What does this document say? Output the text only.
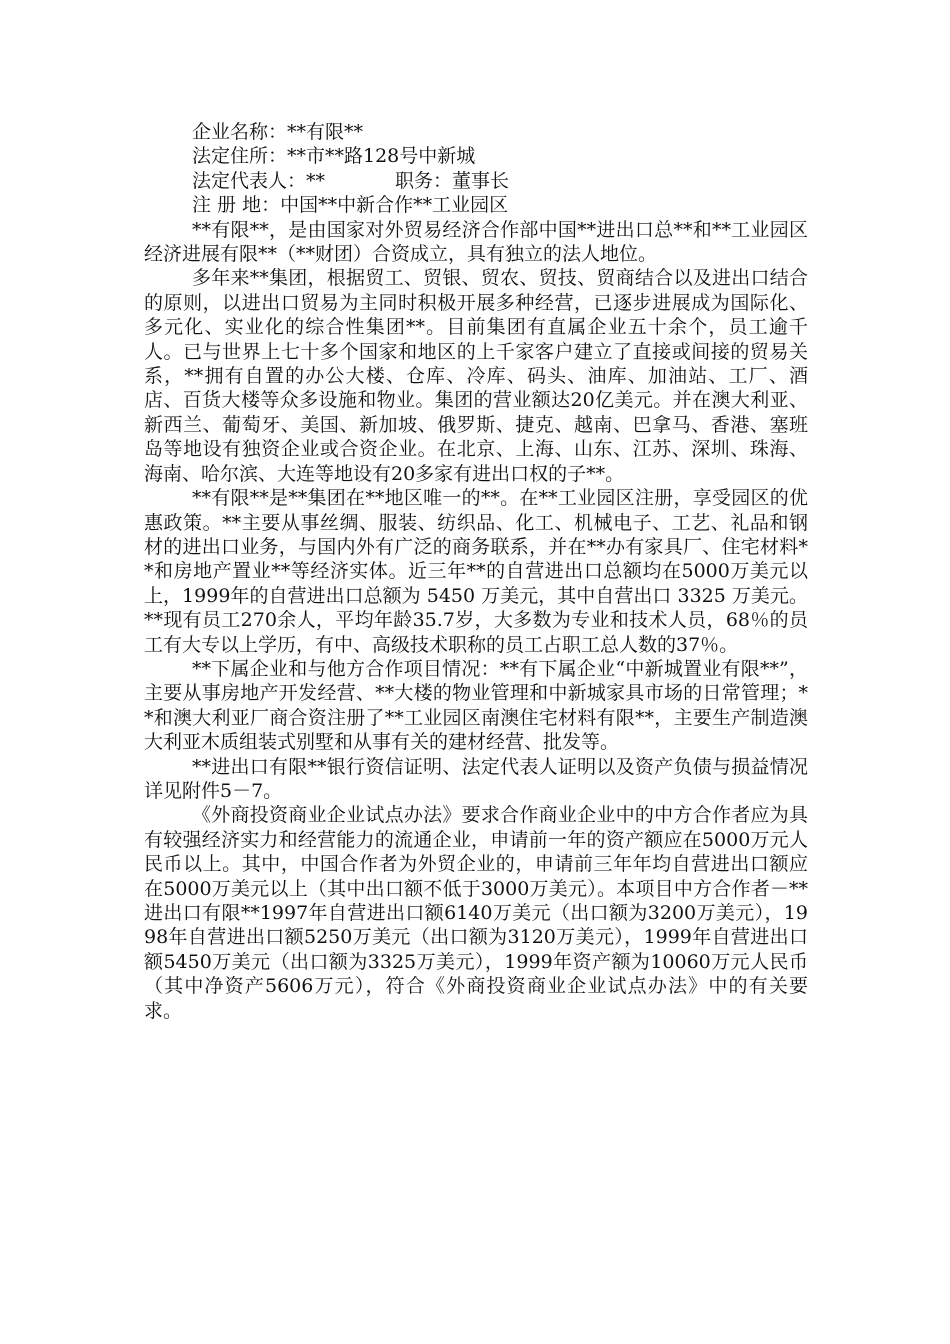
企业名称：**有限**

法定住所：**市**路128号中新城

法定代表人：**	职务：董事长

注 册 地：中国**中新合作**工业园区

**有限**，是由国家对外贸易经济合作部中国**进出口总**和**工业园区经济进展有限**（**财团）合资成立，具有独立的法人地位。

多年来**集团，根据贸工、贸银、贸农、贸技、贸商结合以及进出口结合的原则，以进出口贸易为主同时积极开展多种经营，已逐步进展成为国际化、多元化、实业化的综合性集团**。目前集团有直属企业五十余个，员工逾千人。已与世界上七十多个国家和地区的上千家客户建立了直接或间接的贸易关系，**拥有自置的办公大楼、仓库、冷库、码头、油库、加油站、工厂、酒店、百货大楼等众多设施和物业。集团的营业额达20亿美元。并在澳大利亚、新西兰、葡萄牙、美国、新加坡、俄罗斯、捷克、越南、巴拿马、香港、塞班岛等地设有独资企业或合资企业。在北京、上海、山东、江苏、深圳、珠海、海南、哈尔滨、大连等地设有20多家有进出口权的子**。

**有限**是**集团在**地区唯一的**。在**工业园区注册，享受园区的优惠政策。**主要从事丝绸、服装、纺织品、化工、机械电子、工艺、礼品和钢材的进出口业务，与国内外有广泛的商务联系，并在**办有家具厂、住宅材料**和房地产置业**等经济实体。近三年**的自营进出口总额均在5000万美元以上，1999年的自营进出口总额为 5450 万美元，其中自营出口 3325 万美元。**现有员工270余人，平均年龄35.7岁，大多数为专业和技术人员，68％的员工有大专以上学历，有中、高级技术职称的员工占职工总人数的37％。

**下属企业和与他方合作项目情况：**有下属企业“中新城置业有限**”，主要从事房地产开发经营、**大楼的物业管理和中新城家具市场的日常管理；**和澳大利亚厂商合资注册了**工业园区南澳住宅材料有限**，主要生产制造澳大利亚木质组装式别墅和从事有关的建材经营、批发等。

**进出口有限**银行资信证明、法定代表人证明以及资产负债与损益情况详见附件5－7。

《外商投资商业企业试点办法》要求合作商业企业中的中方合作者应为具有较强经济实力和经营能力的流通企业，申请前一年的资产额应在5000万元人民币以上。其中，中国合作者为外贸企业的，申请前三年年均自营进出口额应在5000万美元以上（其中出口额不低于3000万美元）。本项目中方合作者－**进出口有限**1997年自营进出口额6140万美元（出口额为3200万美元），1998年自营进出口额5250万美元（出口额为3120万美元），1999年自营进出口额5450万美元（出口额为3325万美元），1999年资产额为10060万元人民币（其中净资产5606万元），符合《外商投资商业企业试点办法》中的有关要求。
